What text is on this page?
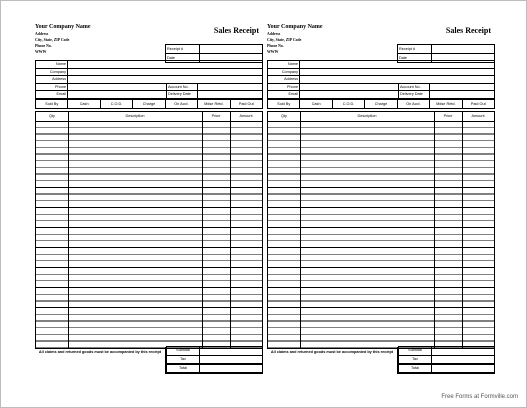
Your Company Name
Address
City, State, ZIP Code
Phone No.
WWW
Sales Receipt
Receipt #
Date
Name
Company
Address
Phone	Account No.
Email	Delivery Date
Sold By	Cash	C.O.D.	Charge	On Acct.	Mdse Retd.	Paid Out
Qty	Description	Price	Amount
All claims and returned goods must be accompanied by this receipt	Subtotal
Tax
Total
Your Company Name
Address
City, State, ZIP Code
Phone No.
WWW
Sales Receipt
Receipt #
Date
Name
Company
Address
Phone	Account No.
Email	Delivery Date
Sold By	Cash	C.O.D.	Charge	On Acct.	Mdse Retd.	Paid Out
Qty	Description	Price	Amount
All claims and returned goods must be accompanied by this receipt	Subtotal
Tax
Total
Free Forms at Formville.com
